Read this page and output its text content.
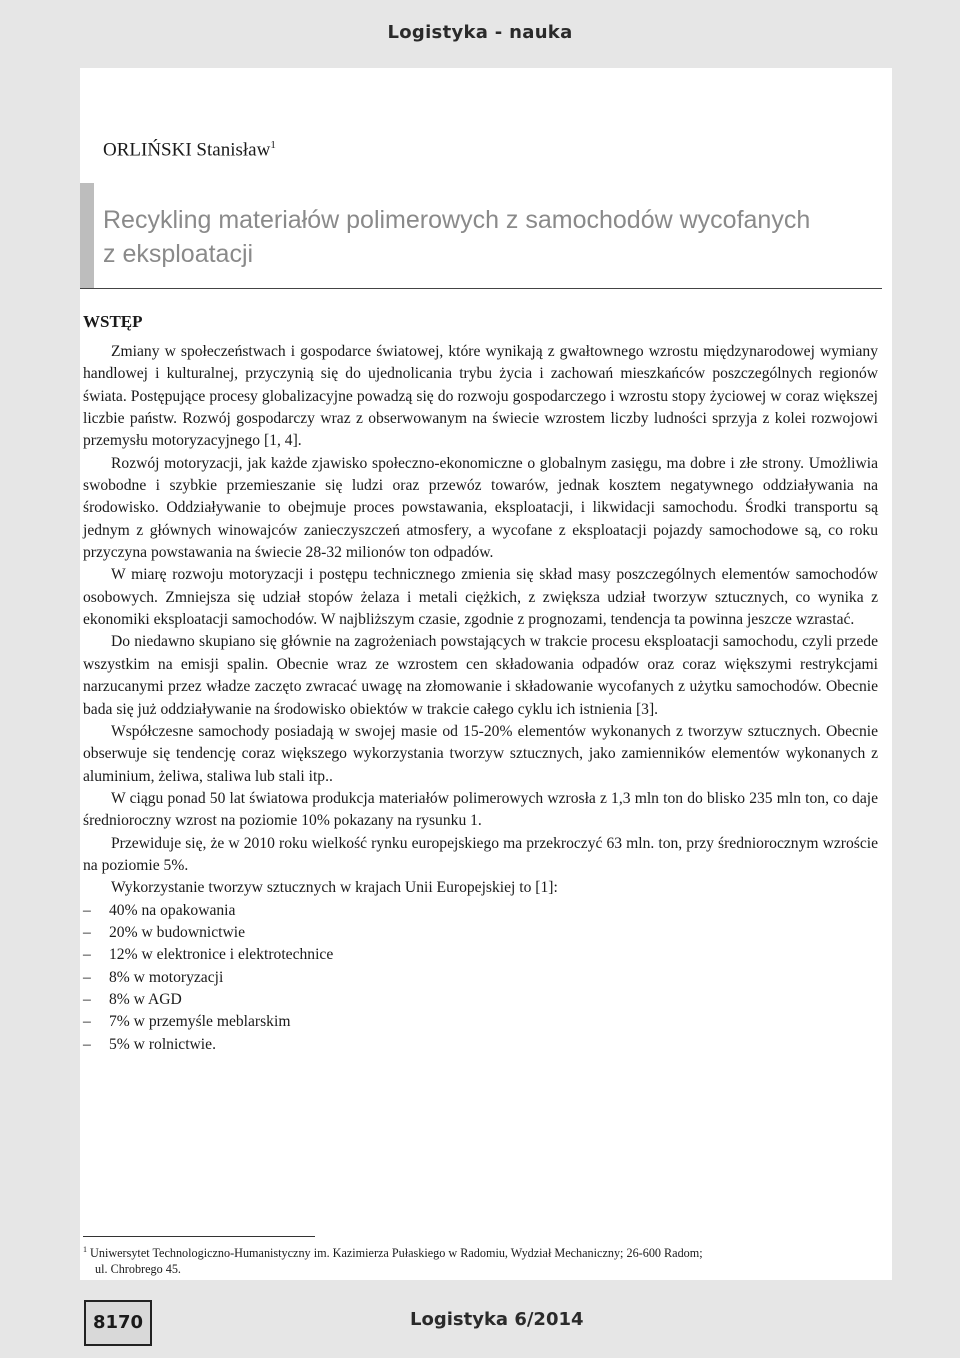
Logistyka - nauka
ORLIŃSKI Stanisław$^1$
Recykling materiałów polimerowych z samochodów wycofanych
z eksploatacji
WSTĘP

Zmiany w społeczeństwach i gospodarce światowej, które wynikają z gwałtownego wzrostu międzynarodowej wymiany handlowej i kulturalnej, przyczynią się do ujednolicania trybu życia i zachowań mieszkańców poszczególnych regionów świata. Postępujące procesy globalizacyjne powadzą się do rozwoju gospodarczego i wzrostu stopy życiowej w coraz większej liczbie państw. Rozwój gospodarczy wraz z obserwowanym na świecie wzrostem liczby ludności sprzyja z kolei rozwojowi przemysłu motoryzacyjnego [1, 4].

Rozwój motoryzacji, jak każde zjawisko społeczno-ekonomiczne o globalnym zasięgu, ma dobre i złe strony. Umożliwia swobodne i szybkie przemieszanie się ludzi oraz przewóz towarów, jednak kosztem negatywnego oddziaływania na środowisko. Oddziaływanie to obejmuje proces powstawania, eksploatacji, i likwidacji samochodu. Środki transportu są jednym z głównych winowajców zanieczyszczeń atmosfery, a wycofane z eksploatacji pojazdy samochodowe są, co roku przyczyna powstawania na świecie 28-32 milionów ton odpadów.

W miarę rozwoju motoryzacji i postępu technicznego zmienia się skład masy poszczególnych elementów samochodów osobowych. Zmniejsza się udział stopów żelaza i metali ciężkich, z zwiększa udział tworzyw sztucznych, co wynika z ekonomiki eksploatacji samochodów. W najbliższym czasie, zgodnie z prognozami, tendencja ta powinna jeszcze wzrastać.

Do niedawno skupiano się głównie na zagrożeniach powstających w trakcie procesu eksploatacji samochodu, czyli przede wszystkim na emisji spalin. Obecnie wraz ze wzrostem cen składowania odpadów oraz coraz większymi restrykcjami narzucanymi przez władze zaczęto zwracać uwagę na złomowanie i składowanie wycofanych z użytku samochodów. Obecnie bada się już oddziaływanie na środowisko obiektów w trakcie całego cyklu ich istnienia [3].

Współczesne samochody posiadają w swojej masie od 15-20% elementów wykonanych z tworzyw sztucznych. Obecnie obserwuje się tendencję coraz większego wykorzystania tworzyw sztucznych, jako zamienników elementów wykonanych z aluminium, żeliwa, staliwa lub stali itp..

W ciągu ponad 50 lat światowa produkcja materiałów polimerowych wzrosła z 1,3 mln ton do blisko 235 mln ton, co daje średnioroczny wzrost na poziomie 10% pokazany na rysunku 1.

Przewiduje się, że w 2010 roku wielkość rynku europejskiego ma przekroczyć 63 mln. ton, przy średniorocznym wzroście na poziomie 5%.

Wykorzystanie tworzyw sztucznych w krajach Unii Europejskiej to [1]:

– 40% na opakowania
– 20% w budownictwie
– 12% w elektronice i elektrotechnice
– 8% w motoryzacji
– 8% w AGD
– 7% w przemyśle meblarskim
– 5% w rolnictwie.
$^1$ Uniwersytet Technologiczno-Humanistyczny im. Kazimierza Pułaskiego w Radomiu, Wydział Mechaniczny; 26-600 Radom;
ul. Chrobrego 45.
8170	Logistyka 6/2014
